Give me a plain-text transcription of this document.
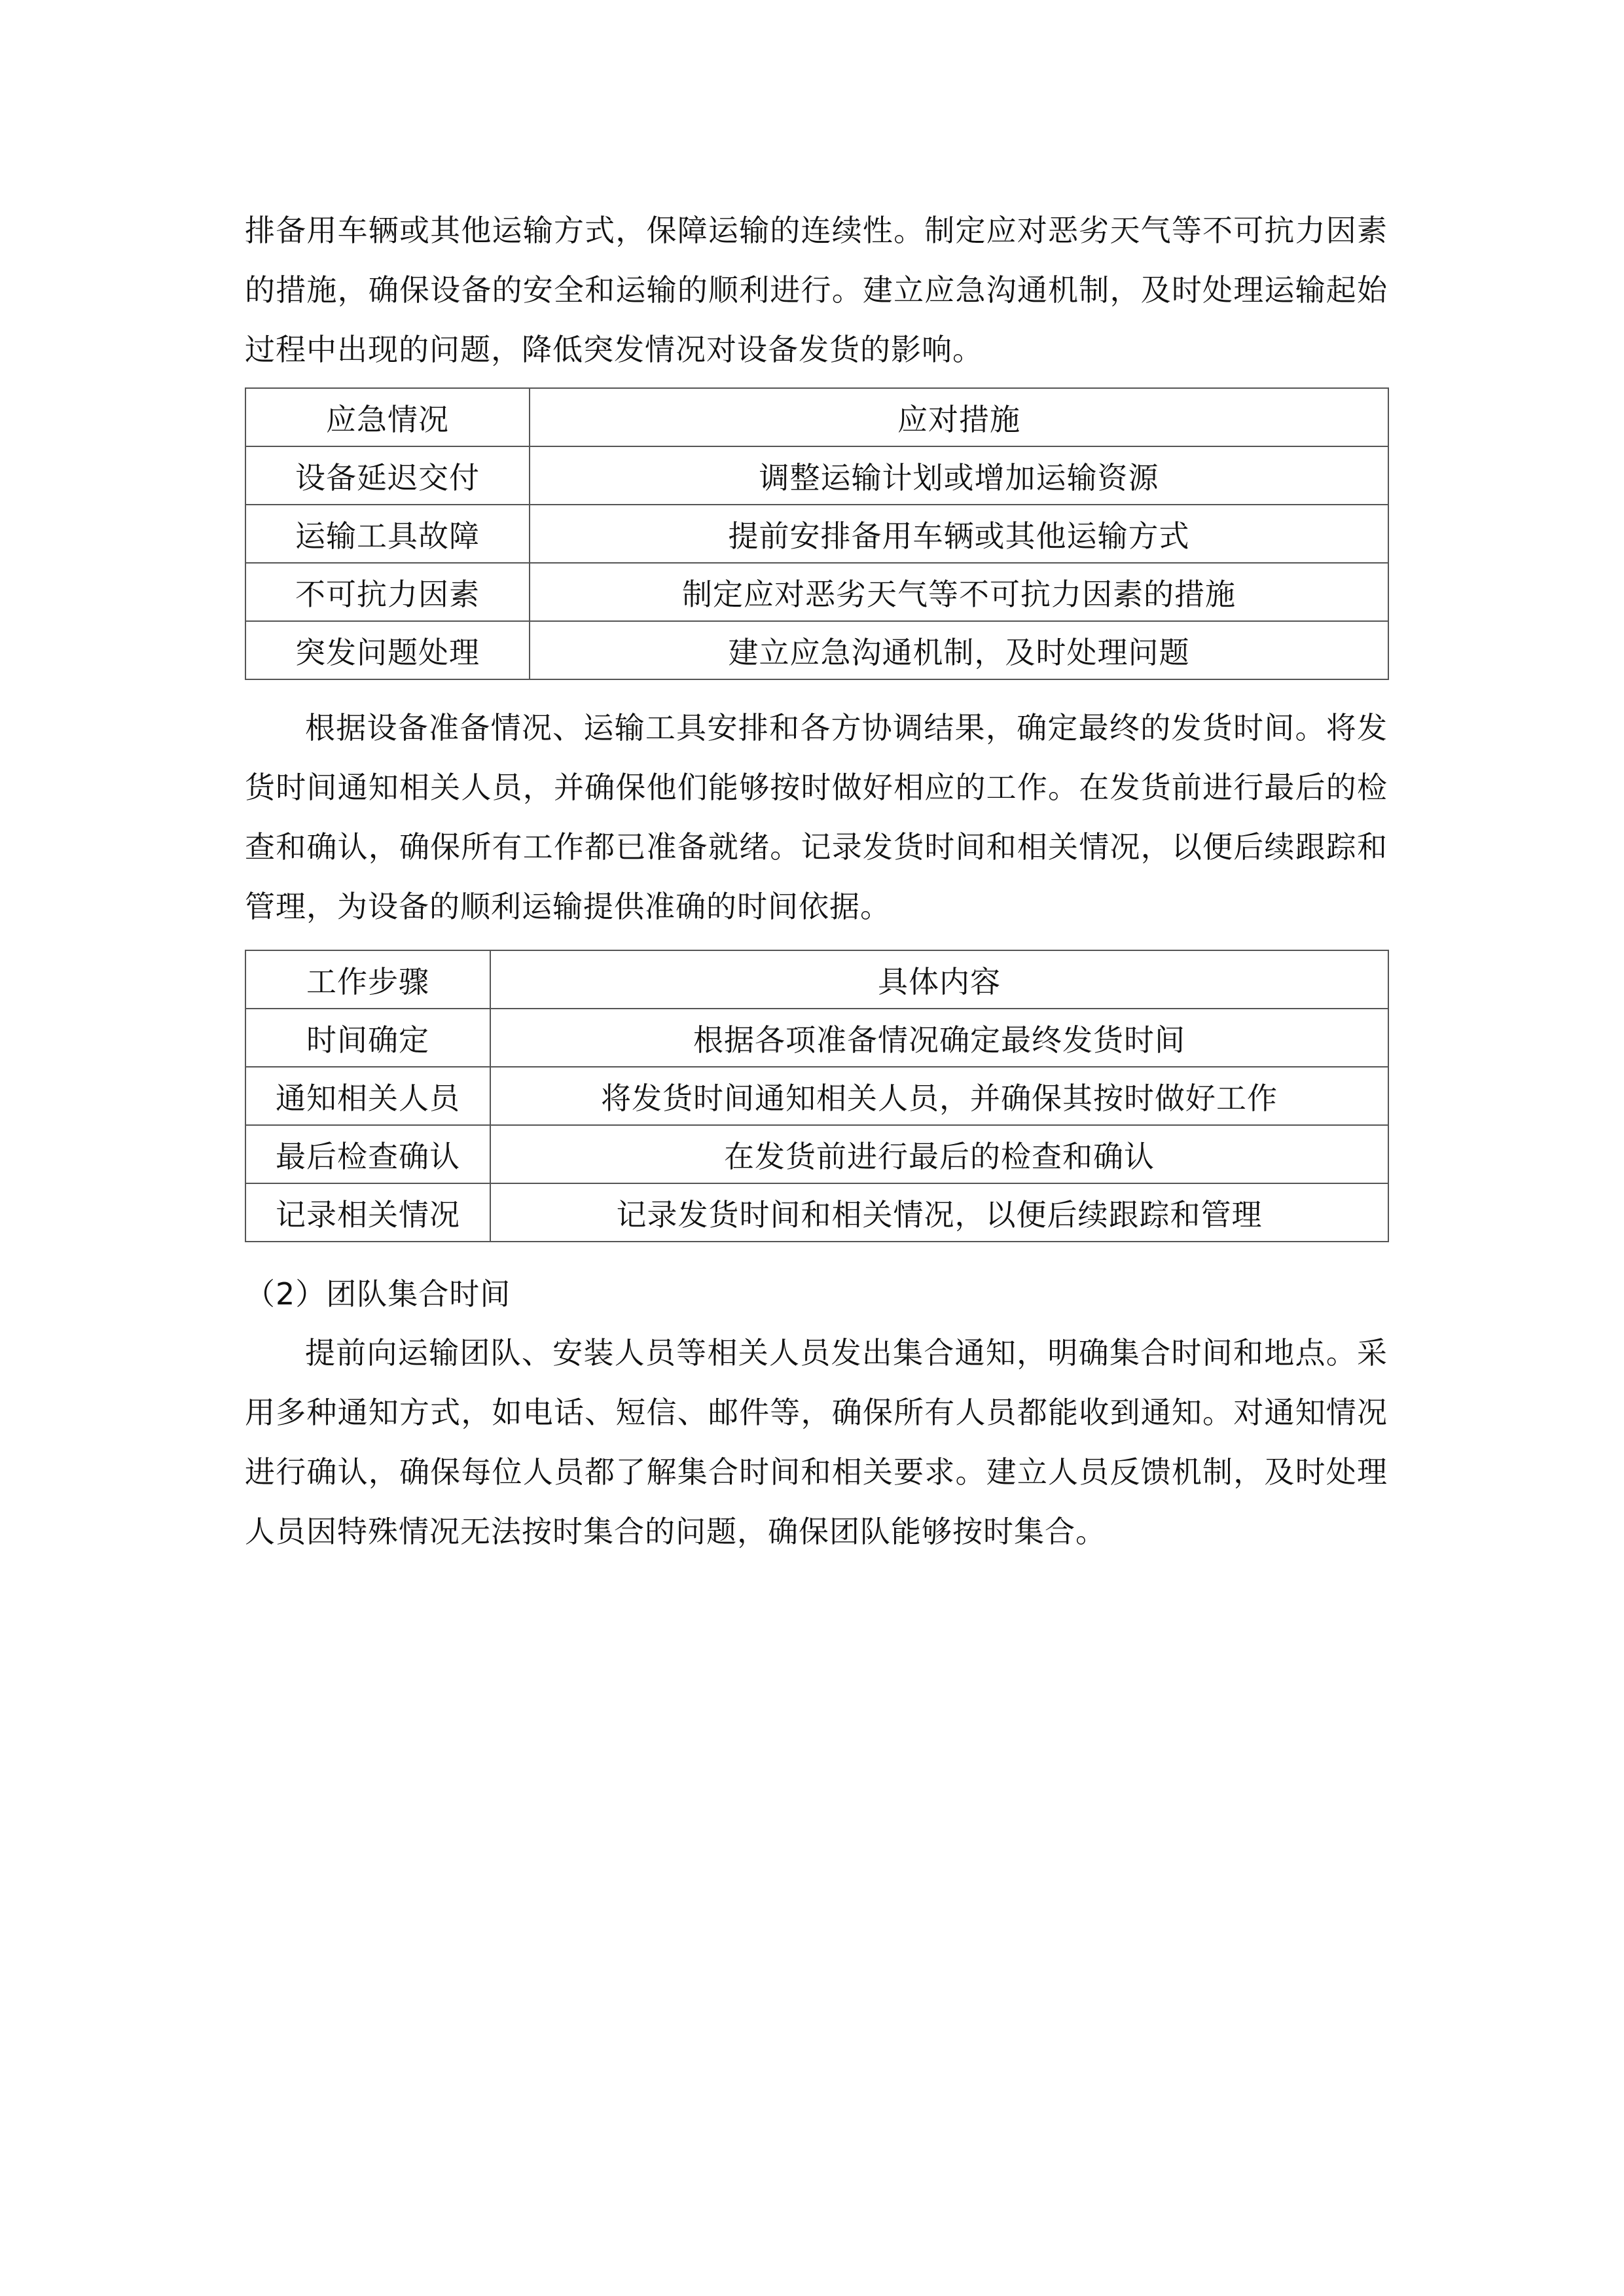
排备用车辆或其他运输方式，保障运输的连续性。制定应对恶劣天气等不可抗力因素的措施，确保设备的安全和运输的顺利进行。建立应急沟通机制，及时处理运输起始过程中出现的问题，降低突发情况对设备发货的影响。

应急情况	应对措施
设备延迟交付	调整运输计划或增加运输资源
运输工具故障	提前安排备用车辆或其他运输方式
不可抗力因素	制定应对恶劣天气等不可抗力因素的措施
突发问题处理	建立应急沟通机制，及时处理问题

根据设备准备情况、运输工具安排和各方协调结果，确定最终的发货时间。将发货时间通知相关人员，并确保他们能够按时做好相应的工作。在发货前进行最后的检查和确认，确保所有工作都已准备就绪。记录发货时间和相关情况，以便后续跟踪和管理，为设备的顺利运输提供准确的时间依据。

工作步骤	具体内容
时间确定	根据各项准备情况确定最终发货时间
通知相关人员	将发货时间通知相关人员，并确保其按时做好工作
最后检查确认	在发货前进行最后的检查和确认
记录相关情况	记录发货时间和相关情况，以便后续跟踪和管理
（2）团队集合时间

提前向运输团队、安装人员等相关人员发出集合通知，明确集合时间和地点。采用多种通知方式，如电话、短信、邮件等，确保所有人员都能收到通知。对通知情况进行确认，确保每位人员都了解集合时间和相关要求。建立人员反馈机制，及时处理人员因特殊情况无法按时集合的问题，确保团队能够按时集合。
